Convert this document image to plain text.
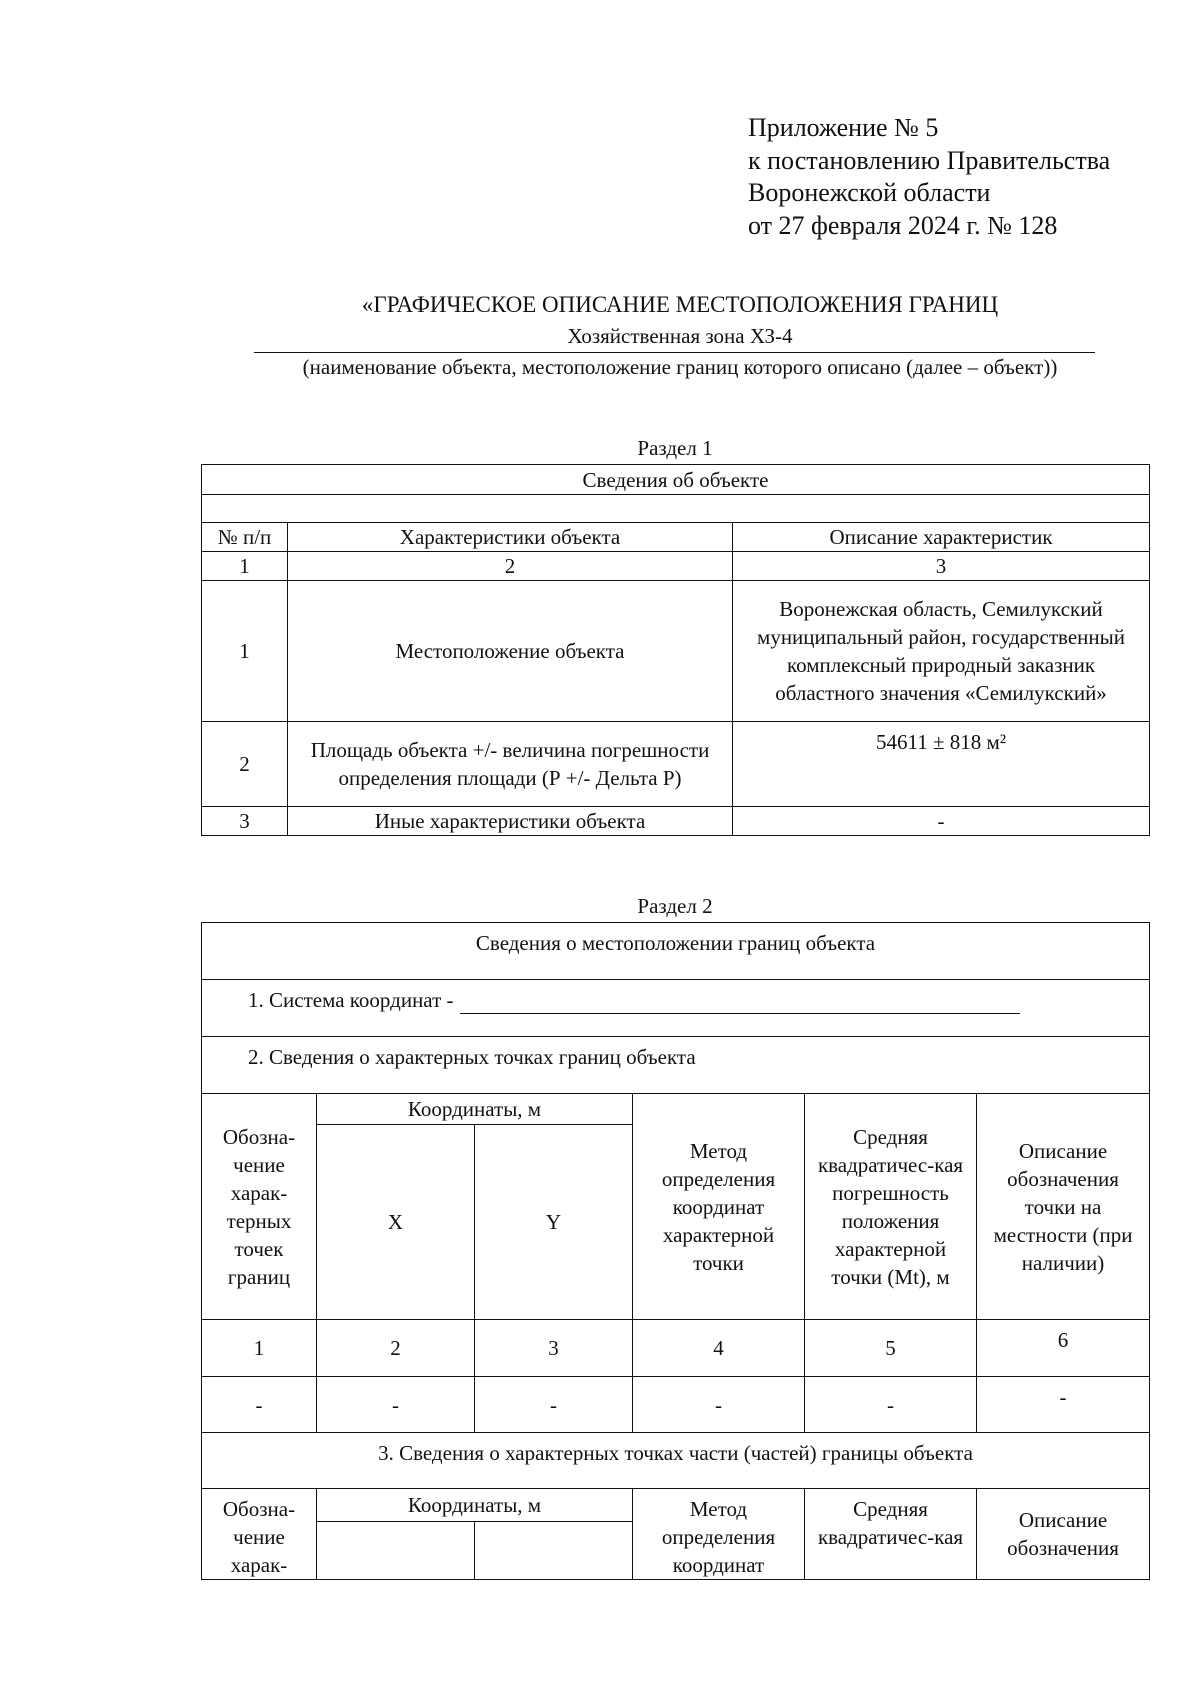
Приложение № 5
к постановлению Правительства
Воронежской области
от 27 февраля 2024 г. № 128
«ГРАФИЧЕСКОЕ ОПИСАНИЕ МЕСТОПОЛОЖЕНИЯ ГРАНИЦ
Хозяйственная зона ХЗ-4
(наименование объекта, местоположение границ которого описано (далее – объект))
Раздел 1
Сведения об объекте		

№ п/п	Характеристики объекта	Описание характеристик
1	2	3
1	Местоположение объекта	Воронежская область, Семилукский муниципальный район, государственный комплексный природный заказник областного значения «Семилукский»
2	Площадь объекта +/- величина погрешности определения площади (Р +/- Дельта Р)	54611 ± 818 м²
3	Иные характеристики объекта	-
Раздел 2
Сведения о местоположении границ объекта					
1. Система координат -					
2. Сведения о характерных точках границ объекта					
Обозна-чение харак-терных точек границ	Координаты, м		Метод определения координат характерной точки	Средняя квадратичес-кая погрешность положения характерной точки (Mt), м	Описание обозначения точки на местности (при наличии)
	X	Y			
1	2	3	4	5	6
-	-	-	-	-	-
3. Сведения о характерных точках части (частей) границы объекта					
Обозна-чение харак-	Координаты, м		Метод определения координат	Средняя квадратичес-кая	Описание обозначения
